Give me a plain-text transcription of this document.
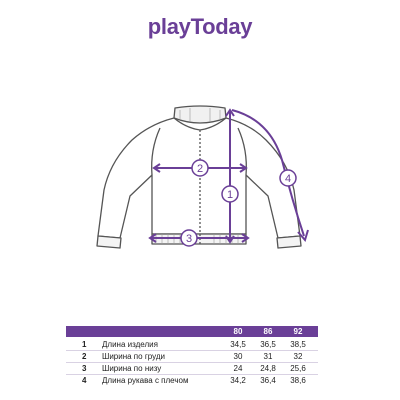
playToday
2
1
4
3
80	86	92
1 Длина изделия	34,5	36,5	38,5
2 Ширина по груди	30	31	32
3 Ширина по низу	24	24,8	25,6
4 Длина рукава с плечом	34,2	36,4	38,6
